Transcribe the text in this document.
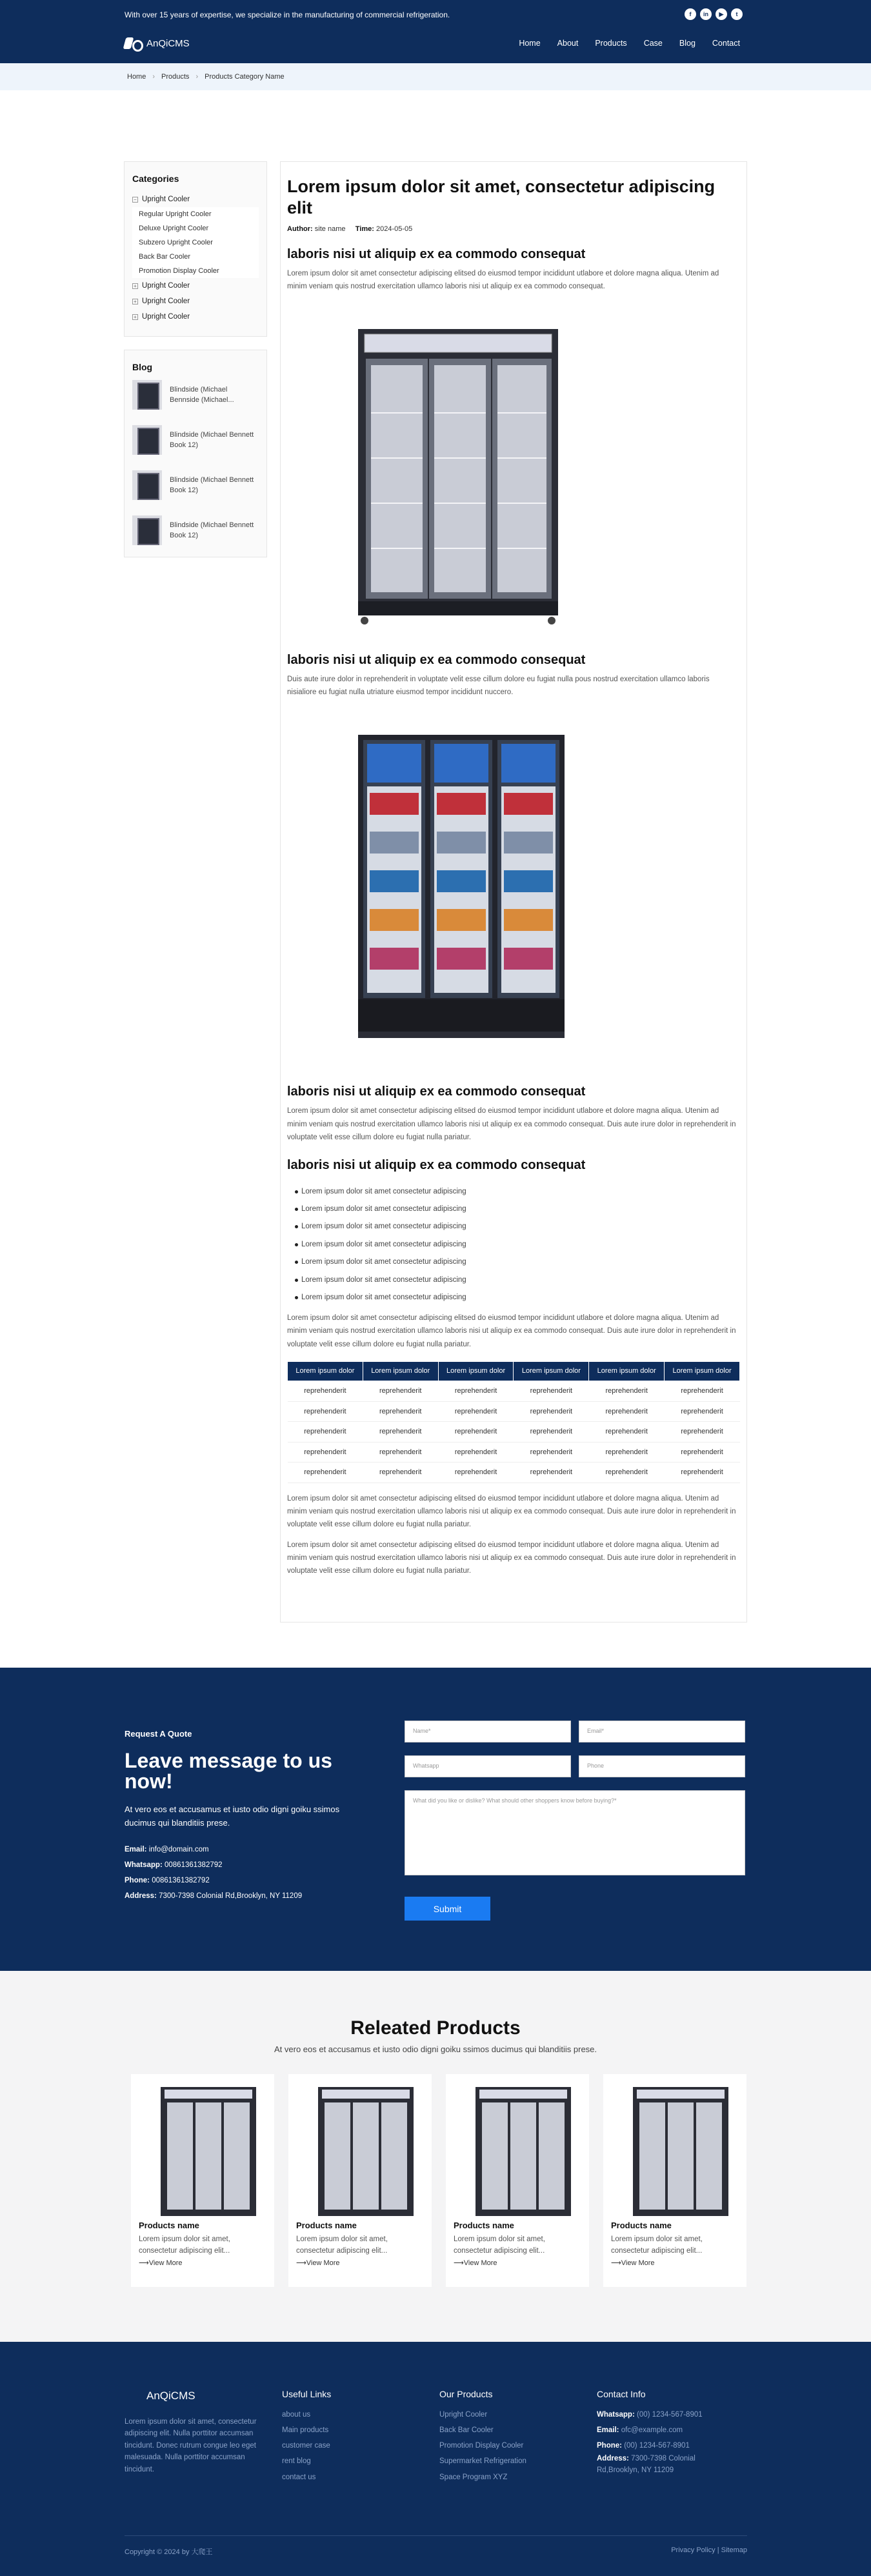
With over 15 years of expertise, we specialize in the manufacturing of commercial refrigeration.	f	in	▶	t
AnQiCMS	Home About Products Case Blog Contact
Home › Products › Products Category Name
Categories
− Upright Cooler
Regular Upright Cooler
Deluxe Upright Cooler
Subzero Upright Cooler
Back Bar Cooler
Promotion Display Cooler
+ Upright Cooler
+ Upright Cooler
+ Upright Cooler
Blog
Blindside (Michael Bennside (Michael...
Blindside (Michael Bennett Book 12)
Blindside (Michael Bennett Book 12)
Blindside (Michael Bennett Book 12)
Lorem ipsum dolor sit amet, consectetur adipiscing elit
Author: site name Time: 2024-05-05
laboris nisi ut aliquip ex ea commodo consequat

Lorem ipsum dolor sit amet consectetur adipiscing elitsed do eiusmod tempor incididunt utlabore et dolore magna aliqua. Utenim ad minim veniam quis nostrud exercitation ullamco laboris nisi ut aliquip ex ea commodo consequat.

laboris nisi ut aliquip ex ea commodo consequat

Duis aute irure dolor in reprehenderit in voluptate velit esse cillum dolore eu fugiat nulla pous nostrud exercitation ullamco laboris nisialiore eu fugiat nulla utriature eiusmod tempor incididunt nuccero.

laboris nisi ut aliquip ex ea commodo consequat

Lorem ipsum dolor sit amet consectetur adipiscing elitsed do eiusmod tempor incididunt utlabore et dolore magna aliqua. Utenim ad minim veniam quis nostrud exercitation ullamco laboris nisi ut aliquip ex ea commodo consequat. Duis aute irure dolor in reprehenderit in voluptate velit esse cillum dolore eu fugiat nulla pariatur.

laboris nisi ut aliquip ex ea commodo consequat
Lorem ipsum dolor sit amet consectetur adipiscing
Lorem ipsum dolor sit amet consectetur adipiscing
Lorem ipsum dolor sit amet consectetur adipiscing
Lorem ipsum dolor sit amet consectetur adipiscing
Lorem ipsum dolor sit amet consectetur adipiscing
Lorem ipsum dolor sit amet consectetur adipiscing
Lorem ipsum dolor sit amet consectetur adipiscing

Lorem ipsum dolor sit amet consectetur adipiscing elitsed do eiusmod tempor incididunt utlabore et dolore magna aliqua. Utenim ad minim veniam quis nostrud exercitation ullamco laboris nisi ut aliquip ex ea commodo consequat. Duis aute irure dolor in reprehenderit in voluptate velit esse cillum dolore eu fugiat nulla pariatur.

Lorem ipsum dolor	Lorem ipsum dolor	Lorem ipsum dolor	Lorem ipsum dolor	Lorem ipsum dolor	Lorem ipsum dolor
reprehenderit	reprehenderit	reprehenderit	reprehenderit	reprehenderit	reprehenderit
reprehenderit	reprehenderit	reprehenderit	reprehenderit	reprehenderit	reprehenderit
reprehenderit	reprehenderit	reprehenderit	reprehenderit	reprehenderit	reprehenderit
reprehenderit	reprehenderit	reprehenderit	reprehenderit	reprehenderit	reprehenderit
reprehenderit	reprehenderit	reprehenderit	reprehenderit	reprehenderit	reprehenderit

Lorem ipsum dolor sit amet consectetur adipiscing elitsed do eiusmod tempor incididunt utlabore et dolore magna aliqua. Utenim ad minim veniam quis nostrud exercitation ullamco laboris nisi ut aliquip ex ea commodo consequat. Duis aute irure dolor in reprehenderit in voluptate velit esse cillum dolore eu fugiat nulla pariatur.

Lorem ipsum dolor sit amet consectetur adipiscing elitsed do eiusmod tempor incididunt utlabore et dolore magna aliqua. Utenim ad minim veniam quis nostrud exercitation ullamco laboris nisi ut aliquip ex ea commodo consequat. Duis aute irure dolor in reprehenderit in voluptate velit esse cillum dolore eu fugiat nulla pariatur.

Request A Quote
Leave message to us now!
At vero eos et accusamus et iusto odio digni goiku ssimos ducimus qui blanditiis prese.
Email: info@domain.com
Whatsapp: 00861361382792
Phone: 00861361382792
Address: 7300-7398 Colonial Rd,Brooklyn, NY 11209
Name*	Email*
Whatsapp	Phone
What did you like or dislike? What should other shoppers know before buying?*
Submit
Releated Products
At vero eos et accusamus et iusto odio digni goiku ssimos ducimus qui blanditiis prese.
Products name

Lorem ipsum dolor sit amet, consectetur adipiscing elit...

⟶View More
Products name

Lorem ipsum dolor sit amet, consectetur adipiscing elit...

⟶View More
Products name

Lorem ipsum dolor sit amet, consectetur adipiscing elit...

⟶View More
Products name

Lorem ipsum dolor sit amet, consectetur adipiscing elit...

⟶View More
AnQiCMS
Lorem ipsum dolor sit amet, consectetur adipiscing elit. Nulla porttitor accumsan tincidunt. Donec rutrum congue leo eget malesuada. Nulla porttitor accumsan tincidunt.
Useful Links
about us
Main products
customer case
rent blog
contact us
Our Products
Upright Cooler
Back Bar Cooler
Promotion Display Cooler
Supermarket Refrigeration
Space Program XYZ
Contact Info
Whatsapp: (00) 1234-567-8901
Email: ofc@example.com
Phone: (00) 1234-567-8901
Address: 7300-7398 Colonial Rd,Brooklyn, NY 11209
Copyright © 2024 by 大爬王	Privacy Policy | Sitemap
